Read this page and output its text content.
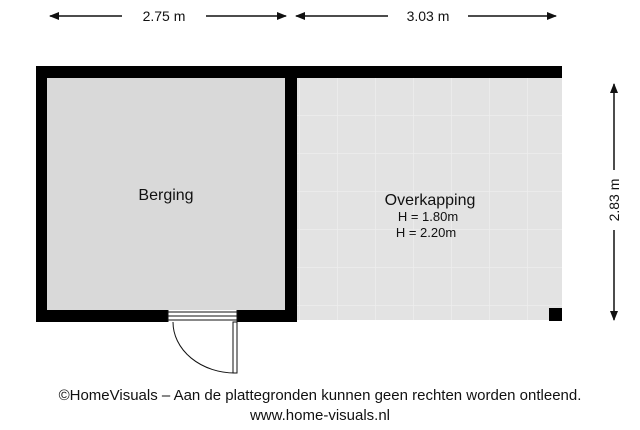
2.75 m	3.03 m
2.83 m
Berging	Overkapping
H = 1.80m
H = 2.20m
©HomeVisuals – Aan de plattegronden kunnen geen rechten worden ontleend.
www.home-visuals.nl
